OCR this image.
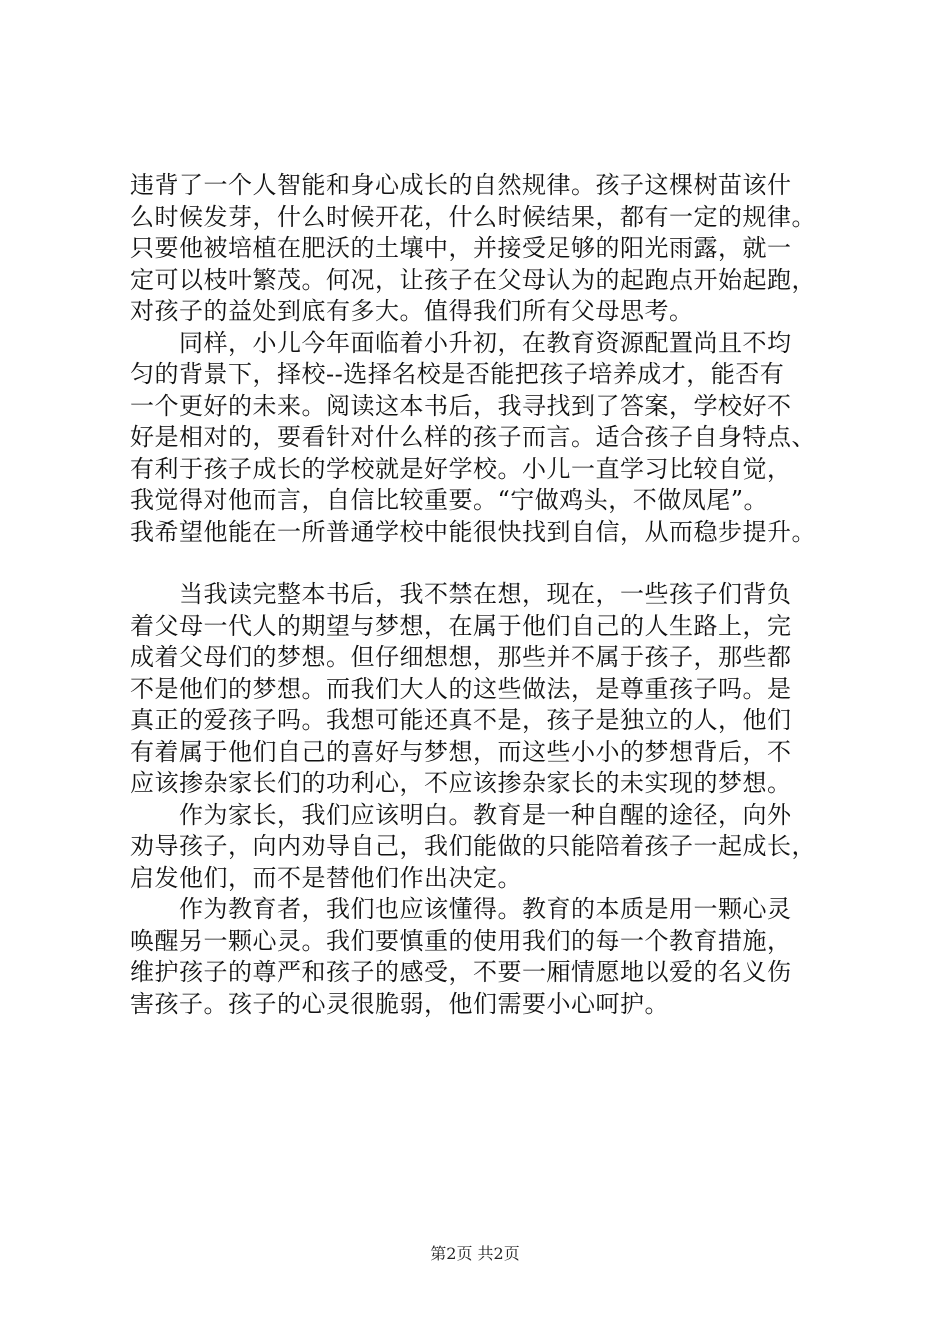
违背了一个人智能和身心成长的自然规律。孩子这棵树苗该什
么时候发芽，什么时候开花，什么时候结果，都有一定的规律。
只要他被培植在肥沃的土壤中，并接受足够的阳光雨露，就一
定可以枝叶繁茂。何况，让孩子在父母认为的起跑点开始起跑，
对孩子的益处到底有多大。值得我们所有父母思考。
　　同样，小儿今年面临着小升初，在教育资源配置尚且不均
匀的背景下，择校--选择名校是否能把孩子培养成才，能否有
一个更好的未来。阅读这本书后，我寻找到了答案，学校好不
好是相对的，要看针对什么样的孩子而言。适合孩子自身特点、
有利于孩子成长的学校就是好学校。小儿一直学习比较自觉，
我觉得对他而言，自信比较重要。“宁做鸡头，不做凤尾”。
我希望他能在一所普通学校中能很快找到自信，从而稳步提升。
　　当我读完整本书后，我不禁在想，现在，一些孩子们背负
着父母一代人的期望与梦想，在属于他们自己的人生路上，完
成着父母们的梦想。但仔细想想，那些并不属于孩子，那些都
不是他们的梦想。而我们大人的这些做法，是尊重孩子吗。是
真正的爱孩子吗。我想可能还真不是，孩子是独立的人，他们
有着属于他们自己的喜好与梦想，而这些小小的梦想背后，不
应该掺杂家长们的功利心，不应该掺杂家长的未实现的梦想。
　　作为家长，我们应该明白。教育是一种自醒的途径，向外
劝导孩子，向内劝导自己，我们能做的只能陪着孩子一起成长，
启发他们，而不是替他们作出决定。
　　作为教育者，我们也应该懂得。教育的本质是用一颗心灵
唤醒另一颗心灵。我们要慎重的使用我们的每一个教育措施，
维护孩子的尊严和孩子的感受，不要一厢情愿地以爱的名义伤
害孩子。孩子的心灵很脆弱，他们需要小心呵护。
第2页 共2页
